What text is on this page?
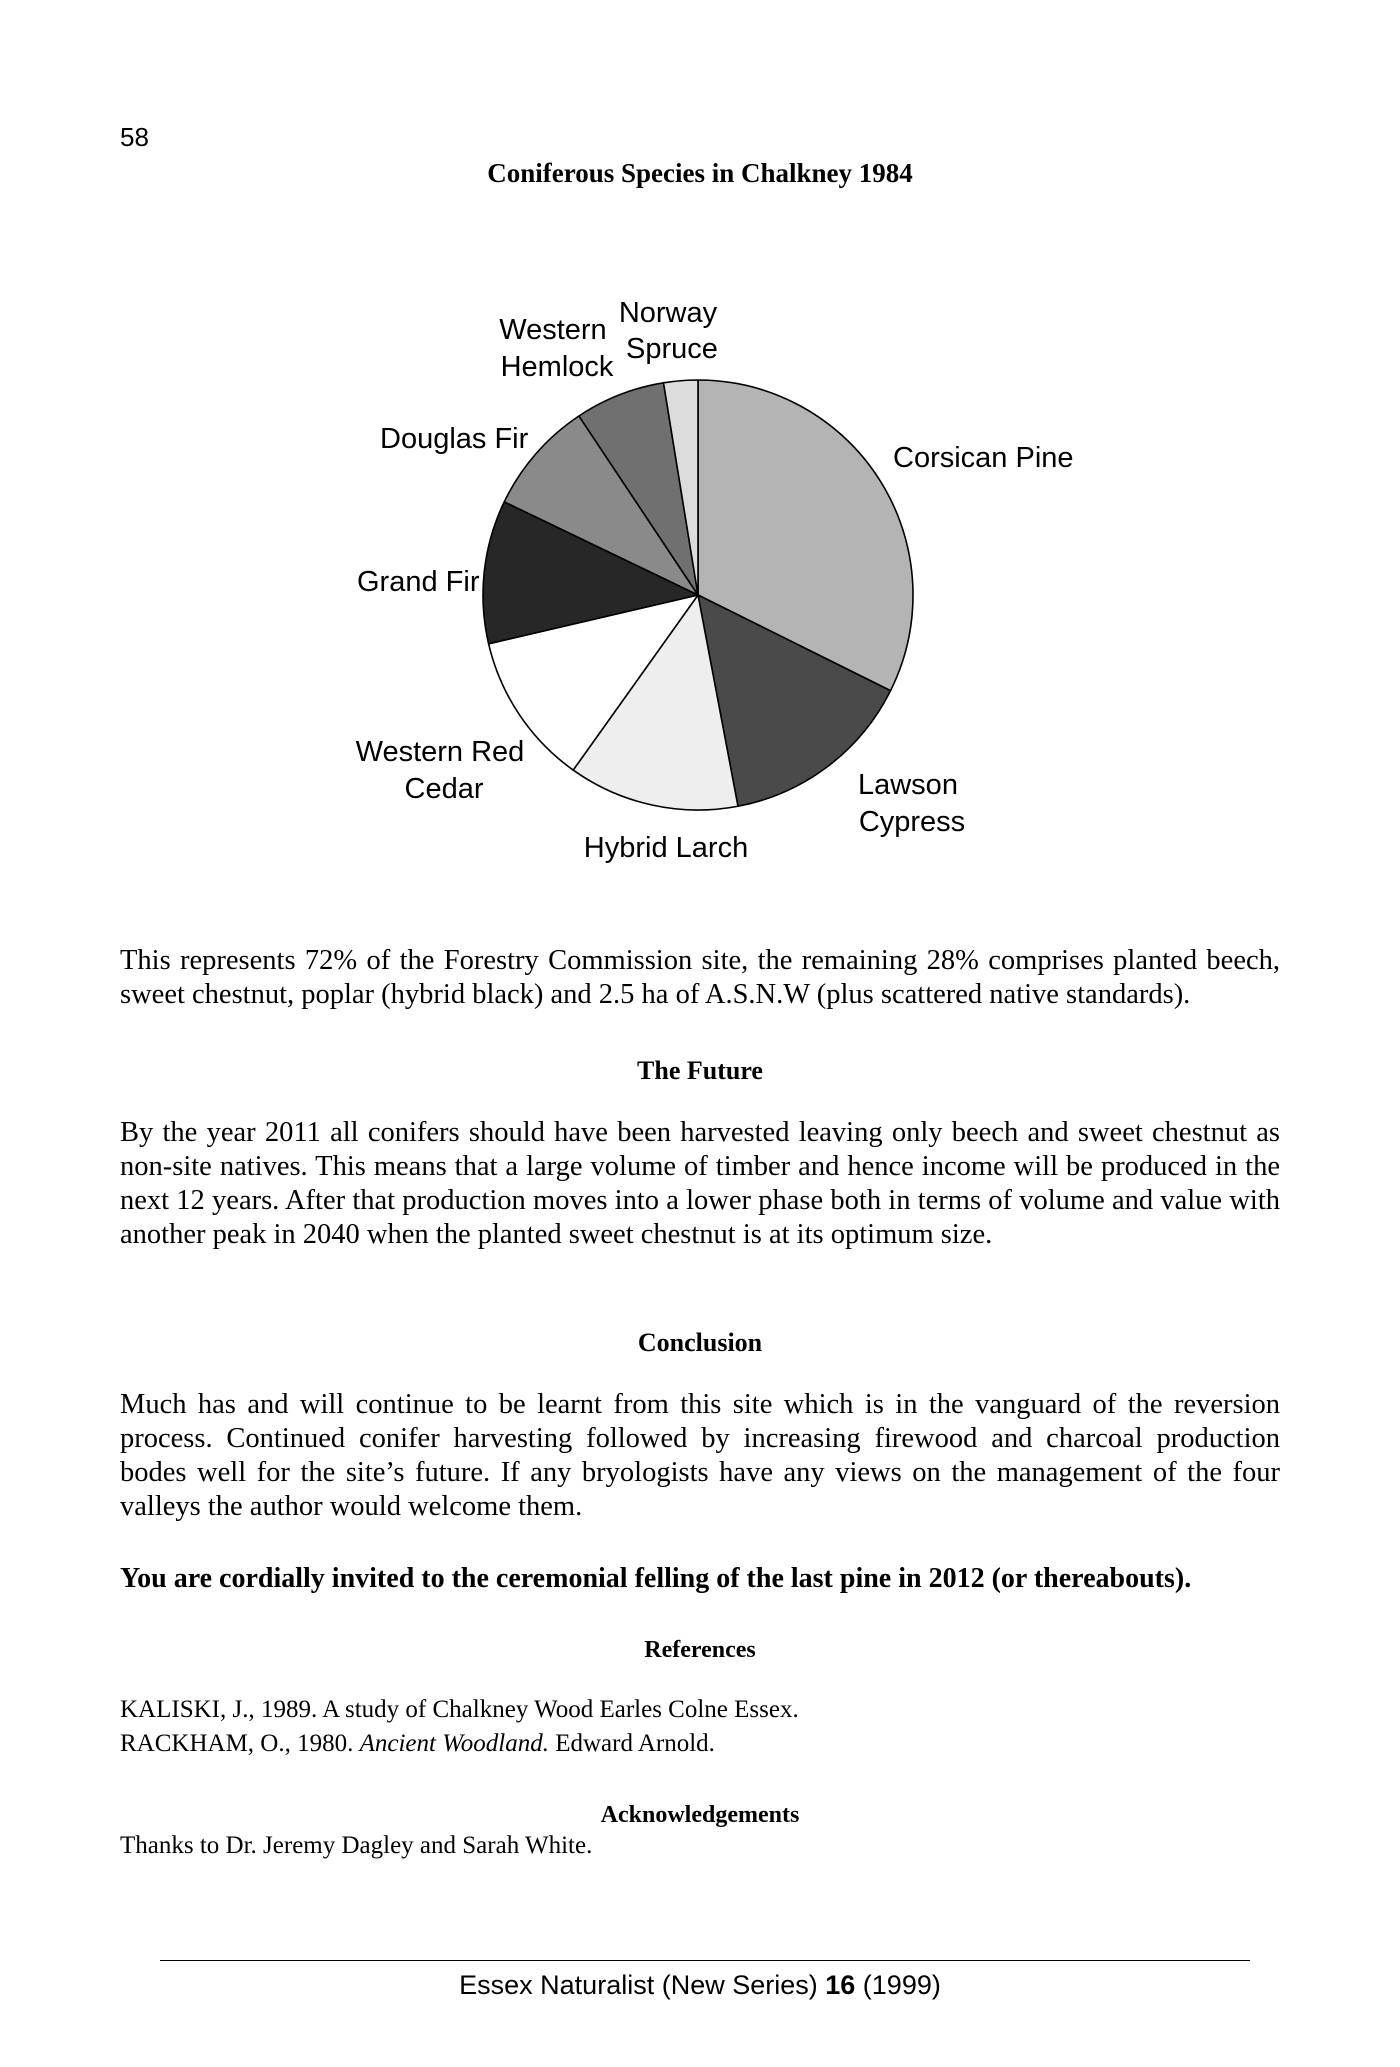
58
Coniferous Species in Chalkney 1984
Norway Spruce
Western Hemlock
Douglas Fir
Corsican Pine
Grand Fir
Western Red Cedar
Hybrid Larch
Lawson Cypress
This represents 72% of the Forestry Commission site, the remaining 28% comprises planted beech, sweet chestnut, poplar (hybrid black) and 2.5 ha of A.S.N.W (plus scattered native standards).
The Future
By the year 2011 all conifers should have been harvested leaving only beech and sweet chestnut as non-site natives. This means that a large volume of timber and hence income will be produced in the next 12 years. After that production moves into a lower phase both in terms of volume and value with another peak in 2040 when the planted sweet chestnut is at its optimum size.
Conclusion
Much has and will continue to be learnt from this site which is in the vanguard of the reversion process. Continued conifer harvesting followed by increasing firewood and charcoal production bodes well for the site’s future. If any bryologists have any views on the management of the four valleys the author would welcome them.
You are cordially invited to the ceremonial felling of the last pine in 2012 (or thereabouts).
References
KALISKI, J., 1989. A study of Chalkney Wood Earles Colne Essex.
RACKHAM, O., 1980. Ancient Woodland. Edward Arnold.
Acknowledgements
Thanks to Dr. Jeremy Dagley and Sarah White.
Essex Naturalist (New Series) 16 (1999)
